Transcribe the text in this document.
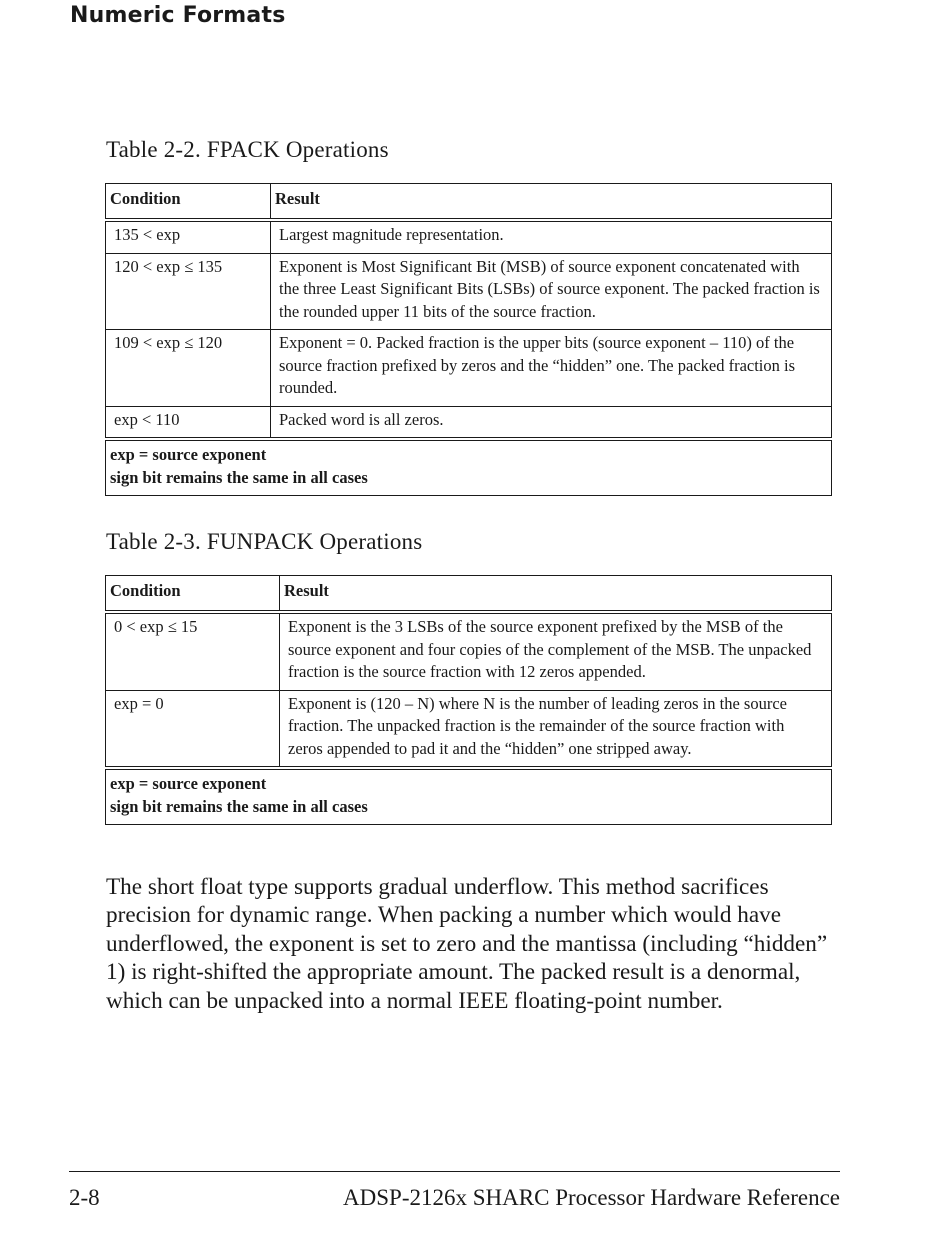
Numeric Formats
Table 2-2. FPACK Operations
Condition	Result
135 < exp	Largest magnitude representation.
120 < exp ≤ 135	Exponent is Most Significant Bit (MSB) of source exponent concatenated with the three Least Significant Bits (LSBs) of source exponent. The packed fraction is the rounded upper 11 bits of the source fraction.
109 < exp ≤ 120	Exponent = 0. Packed fraction is the upper bits (source exponent – 110) of the source fraction prefixed by zeros and the “hidden” one. The packed fraction is rounded.
exp < 110	Packed word is all zeros.

exp = source exponent
sign bit remains the same in all cases	
Table 2-3. FUNPACK Operations
Condition	Result
0 < exp ≤ 15	Exponent is the 3 LSBs of the source exponent prefixed by the MSB of the source exponent and four copies of the complement of the MSB. The unpacked fraction is the source fraction with 12 zeros appended.
exp = 0	Exponent is (120 – N) where N is the number of leading zeros in the source fraction. The unpacked fraction is the remainder of the source fraction with zeros appended to pad it and the “hidden” one stripped away.

exp = source exponent
sign bit remains the same in all cases	

The short float type supports gradual underflow. This method sacrifices precision for dynamic range. When packing a number which would have underflowed, the exponent is set to zero and the mantissa (including “hidden” 1) is right-shifted the appropriate amount. The packed result is a denormal, which can be unpacked into a normal IEEE floating-point number.

2-8	ADSP-2126x SHARC Processor Hardware Reference
